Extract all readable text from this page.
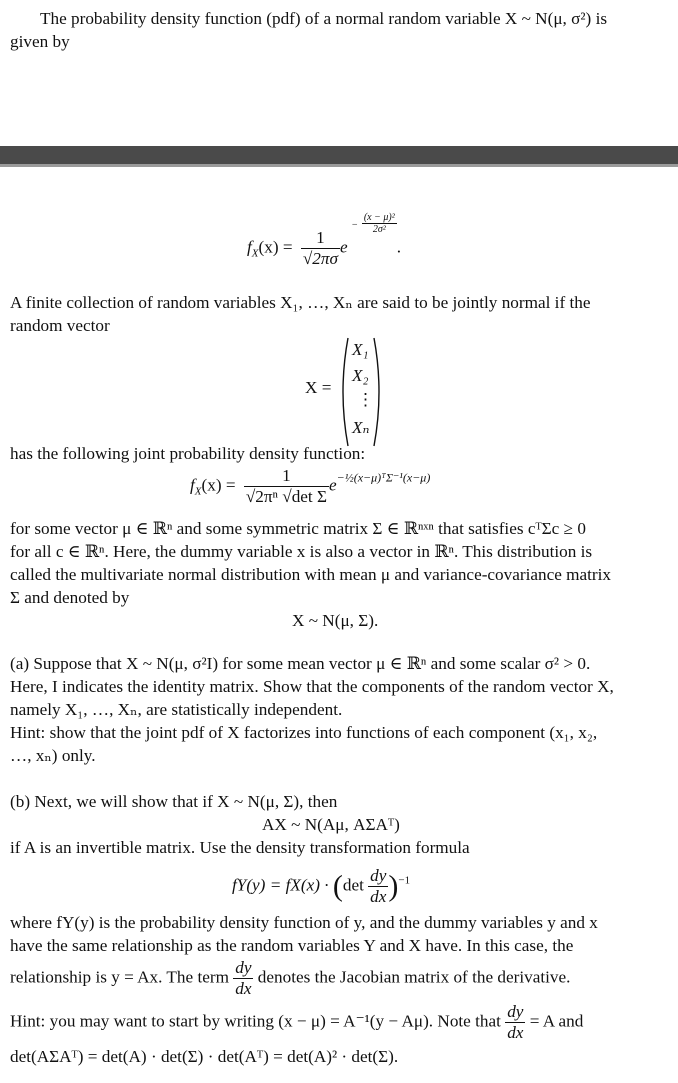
The probability density function (pdf) of a normal random variable X ~ N(μ, σ²) is

given by

$f_X(x) = \frac{1}{√2\pi\sigma}$ $e - \frac{\text{(x − μ)²}}{\text{2σ²}}$
.

A finite collection of random variables X₁, …, Xₙ are said to be jointly normal if the

random vector

X =
X₁
X₂
⋮
Xₙ

has the following joint probability density function:

$f_X(x) = \frac{1}{\text{√2πⁿ √det Σ}} e^{-\frac{1}{2}(x-\mu)ᵀ\Sigma^{-1}(x-\mu)}$

for some vector μ ∈ ℝⁿ and some symmetric matrix Σ ∈ ℝⁿˣⁿ that satisfies cᵀΣc ≥ 0

for all c ∈ ℝⁿ. Here, the dummy variable x is also a vector in ℝⁿ. This distribution is

called the multivariate normal distribution with mean μ and variance-covariance matrix

Σ and denoted by

X ~ N(μ, Σ).

(a) Suppose that X ~ N(μ, σ²I) for some mean vector μ ∈ ℝⁿ and some scalar σ² > 0.

Here, I indicates the identity matrix. Show that the components of the random vector X,

namely X₁, …, Xₙ, are statistically independent.

Hint: show that the joint pdf of X factorizes into functions of each component (x₁, x₂,

…, xₙ) only.

(b) Next, we will show that if X ~ N(μ, Σ), then

AX ~ N(Aμ, AΣAᵀ)

if A is an invertible matrix. Use the density transformation formula

$fY(y) = fX(x) \cdot (\det \frac{dy}{dx} )^{-1}$

where fY(y) is the probability density function of y, and the dummy variables y and x

have the same relationship as the random variables Y and X have. In this case, the

relationship is y = Ax. The term $\frac{dy}{dx}$ denotes the Jacobian matrix of the derivative.
Hint: you may want to start by writing (x − μ) = A⁻¹(y − Aμ). Note that $\frac{dy}{dx} = A$ and

det(AΣAᵀ) = det(A) · det(Σ) · det(Aᵀ) = det(A)² · det(Σ).
